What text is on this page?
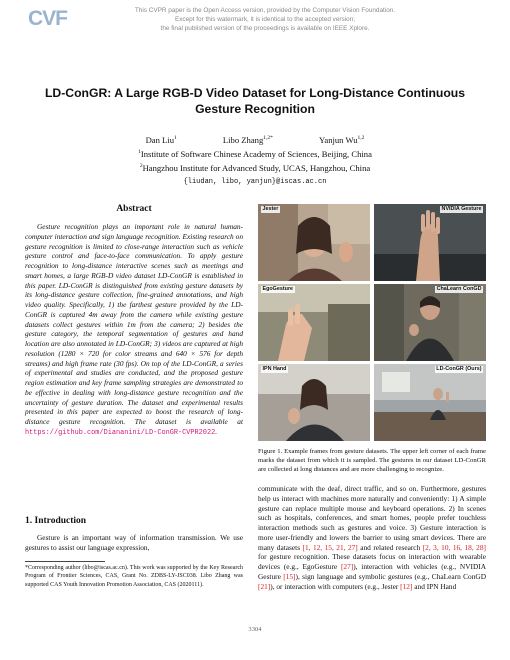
CVF	This CVPR paper is the Open Access version, provided by the Computer Vision Foundation.
Except for this watermark, it is identical to the accepted version;
the final published version of the proceedings is available on IEEE Xplore.
LD-ConGR: A Large RGB-D Video Dataset for Long-Distance Continuous
Gesture Recognition
Dan Liu$^1$	Libo Zhang$^{1,2*}$	Yanjun Wu$^{1,2}$
$^1$Institute of Software Chinese Academy of Sciences, Beijing, China
$^2$Hangzhou Institute for Advanced Study, UCAS, Hangzhou, China
{liudan, libo, yanjun}@iscas.ac.cn
Abstract

Gesture recognition plays an important role in natural human-computer interaction and sign language recognition. Existing research on gesture recognition is limited to close-range interaction such as vehicle gesture control and face-to-face communication. To apply gesture recognition to long-distance interactive scenes such as meetings and smart homes, a large RGB-D video dataset LD-ConGR is established in this paper. LD-ConGR is distinguished from existing gesture datasets by its long-distance gesture collection, fine-grained annotations, and high video quality. Specifically, 1) the farthest gesture provided by the LD-ConGR is captured 4m away from the camera while existing gesture datasets collect gestures within 1m from the camera; 2) besides the gesture category, the temporal segmentation of gestures and hand location are also annotated in LD-ConGR; 3) videos are captured at high resolution (1280 × 720 for color streams and 640 × 576 for depth streams) and high frame rate (30 fps). On top of the LD-ConGR, a series of experimental and studies are conducted, and the proposed gesture region estimation and key frame sampling strategies are demonstrated to be effective in dealing with long-distance gesture recognition and the uncertainty of gesture duration. The dataset and experimental results presented in this paper are expected to boost the research of long-distance gesture recognition. The dataset is available at https://github.com/Diananini/LD-ConGR-CVPR2022.

1. Introduction

Gesture is an important way of information transmission. We use gestures to assist our language expression,

*Corresponding author (libo@iscas.ac.cn). This work was supported by the Key Research Program of Frontier Sciences, CAS, Grant No. ZDBS-LY-JSC038. Libo Zhang was supported CAS Youth Innovation Promotion Association, CAS (2020111).

Jester	NVIDIA Gesture
EgoGesture	ChaLearn ConGD
IPN Hand	LD-ConGR (Ours)

Figure 1. Example frames from gesture datasets. The upper left corner of each frame marks the dataset from which it is sampled. The gestures in our dataset LD-ConGR are collected at long distances and are more challenging to recognize.

communicate with the deaf, direct traffic, and so on. Furthermore, gestures help us interact with machines more naturally and conveniently: 1) A simple gesture can replace multiple mouse and keyboard operations. 2) In scenes such as hospitals, conferences, and smart homes, people prefer touchless interaction methods such as gestures and voice. 3) Gesture interaction is more user-friendly and lowers the barrier to using smart devices. There are many datasets [1, 12, 15, 21, 27] and related research [2, 3, 10, 16, 18, 28] for gesture recognition. These datasets focus on interaction with wearable devices (e.g., EgoGesture [27]), interaction with vehicles (e.g., NVIDIA Gesture [15]), sign language and symbolic gestures (e.g., ChaLearn ConGD [21]), or interaction with computers (e.g., Jester [12] and IPN Hand

3304
